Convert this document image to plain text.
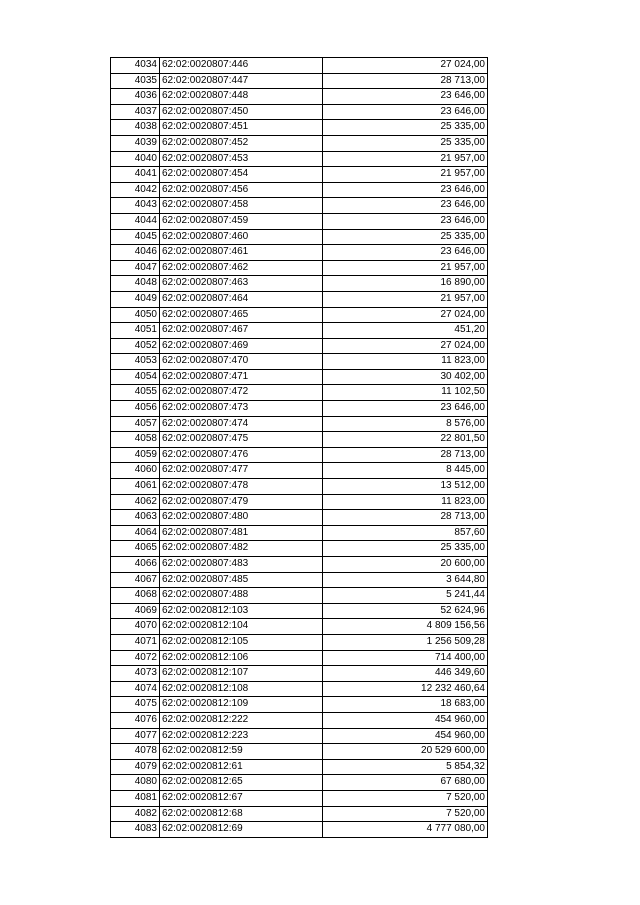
4034	62:02:0020807:446	27 024,00
4035	62:02:0020807:447	28 713,00
4036	62:02:0020807:448	23 646,00
4037	62:02:0020807:450	23 646,00
4038	62:02:0020807:451	25 335,00
4039	62:02:0020807:452	25 335,00
4040	62:02:0020807:453	21 957,00
4041	62:02:0020807:454	21 957,00
4042	62:02:0020807:456	23 646,00
4043	62:02:0020807:458	23 646,00
4044	62:02:0020807:459	23 646,00
4045	62:02:0020807:460	25 335,00
4046	62:02:0020807:461	23 646,00
4047	62:02:0020807:462	21 957,00
4048	62:02:0020807:463	16 890,00
4049	62:02:0020807:464	21 957,00
4050	62:02:0020807:465	27 024,00
4051	62:02:0020807:467	451,20
4052	62:02:0020807:469	27 024,00
4053	62:02:0020807:470	11 823,00
4054	62:02:0020807:471	30 402,00
4055	62:02:0020807:472	11 102,50
4056	62:02:0020807:473	23 646,00
4057	62:02:0020807:474	8 576,00
4058	62:02:0020807:475	22 801,50
4059	62:02:0020807:476	28 713,00
4060	62:02:0020807:477	8 445,00
4061	62:02:0020807:478	13 512,00
4062	62:02:0020807:479	11 823,00
4063	62:02:0020807:480	28 713,00
4064	62:02:0020807:481	857,60
4065	62:02:0020807:482	25 335,00
4066	62:02:0020807:483	20 600,00
4067	62:02:0020807:485	3 644,80
4068	62:02:0020807:488	5 241,44
4069	62:02:0020812:103	52 624,96
4070	62:02:0020812:104	4 809 156,56
4071	62:02:0020812:105	1 256 509,28
4072	62:02:0020812:106	714 400,00
4073	62:02:0020812:107	446 349,60
4074	62:02:0020812:108	12 232 460,64
4075	62:02:0020812:109	18 683,00
4076	62:02:0020812:222	454 960,00
4077	62:02:0020812:223	454 960,00
4078	62:02:0020812:59	20 529 600,00
4079	62:02:0020812:61	5 854,32
4080	62:02:0020812:65	67 680,00
4081	62:02:0020812:67	7 520,00
4082	62:02:0020812:68	7 520,00
4083	62:02:0020812:69	4 777 080,00
